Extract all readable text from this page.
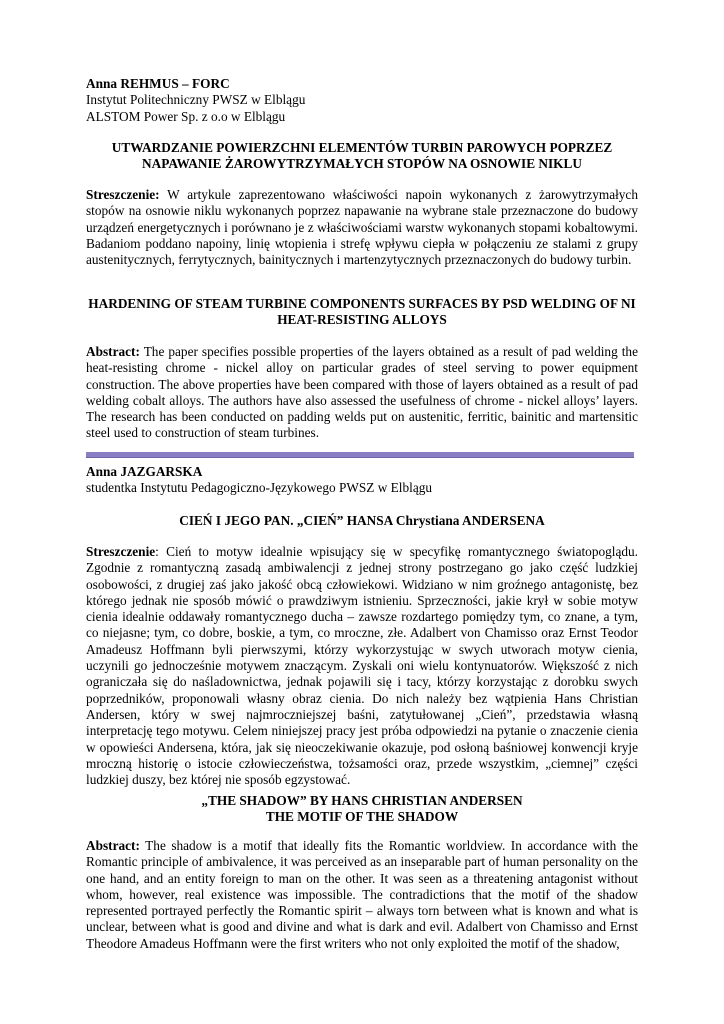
Anna REHMUS – FORC

Instytut Politechniczny PWSZ w Elblągu

ALSTOM Power Sp. z o.o w Elblągu

UTWARDZANIE POWIERZCHNI ELEMENTÓW TURBIN PAROWYCH POPRZEZ NAPAWANIE ŻAROWYTRZYMAŁYCH STOPÓW NA OSNOWIE NIKLU
Streszczenie: W artykule zaprezentowano właściwości napoin wykonanych z żarowytrzymałych stopów na osnowie niklu wykonanych poprzez napawanie na wybrane stale przeznaczone do budowy urządzeń energetycznych i porównano je z właściwościami warstw wykonanych stopami kobaltowymi. Badaniom poddano napoiny, linię wtopienia i strefę wpływu ciepła w połączeniu ze stalami z grupy austenitycznych, ferrytycznych, bainitycznych i martenzytycznych przeznaczonych do budowy turbin.
HARDENING OF STEAM TURBINE COMPONENTS SURFACES BY PSD WELDING OF NI HEAT-RESISTING ALLOYS
Abstract: The paper specifies possible properties of the layers obtained as a result of pad welding the heat-resisting chrome - nickel alloy on particular grades of steel serving to power equipment construction. The above properties have been compared with those of layers obtained as a result of pad welding cobalt alloys. The authors have also assessed the usefulness of chrome - nickel alloys’ layers. The research has been conducted on padding welds put on austenitic, ferritic, bainitic and martensitic steel used to construction of steam turbines.

Anna JAZGARSKA

studentka Instytutu Pedagogiczno-Językowego PWSZ w Elblągu

CIEŃ I JEGO PAN. „CIEŃ” HANSA Chrystiana ANDERSENA
Streszczenie: Cień to motyw idealnie wpisujący się w specyfikę romantycznego światopoglądu. Zgodnie z romantyczną zasadą ambiwalencji z jednej strony postrzegano go jako część ludzkiej osobowości, z drugiej zaś jako jakość obcą człowiekowi. Widziano w nim groźnego antagonistę, bez którego jednak nie sposób mówić o prawdziwym istnieniu. Sprzeczności, jakie krył w sobie motyw cienia idealnie oddawały romantycznego ducha – zawsze rozdartego pomiędzy tym, co znane, a tym, co niejasne; tym, co dobre, boskie, a tym, co mroczne, złe. Adalbert von Chamisso oraz Ernst Teodor Amadeusz Hoffmann byli pierwszymi, którzy wykorzystując w swych utworach motyw cienia, uczynili go jednocześnie motywem znaczącym. Zyskali oni wielu kontynuatorów. Większość z nich ograniczała się do naśladownictwa, jednak pojawili się i tacy, którzy korzystając z dorobku swych poprzedników, proponowali własny obraz cienia. Do nich należy bez wątpienia Hans Christian Andersen, który w swej najmroczniejszej baśni, zatytułowanej „Cień”, przedstawia własną interpretację tego motywu. Celem niniejszej pracy jest próba odpowiedzi na pytanie o znaczenie cienia w opowieści Andersena, która, jak się nieoczekiwanie okazuje, pod osłoną baśniowej konwencji kryje mroczną historię o istocie człowieczeństwa, tożsamości oraz, przede wszystkim, „ciemnej” części ludzkiej duszy, bez której nie sposób egzystować.

„THE SHADOW” BY HANS CHRISTIAN ANDERSEN

THE MOTIF OF THE SHADOW

Abstract: The shadow is a motif that ideally fits the Romantic worldview. In accordance with the Romantic principle of ambivalence, it was perceived as an inseparable part of human personality on the one hand, and an entity foreign to man on the other. It was seen as a threatening antagonist without whom, however, real existence was impossible. The contradictions that the motif of the shadow represented portrayed perfectly the Romantic spirit – always torn between what is known and what is unclear, between what is good and divine and what is dark and evil. Adalbert von Chamisso and Ernst Theodore Amadeus Hoffmann were the first writers who not only exploited the motif of the shadow,
